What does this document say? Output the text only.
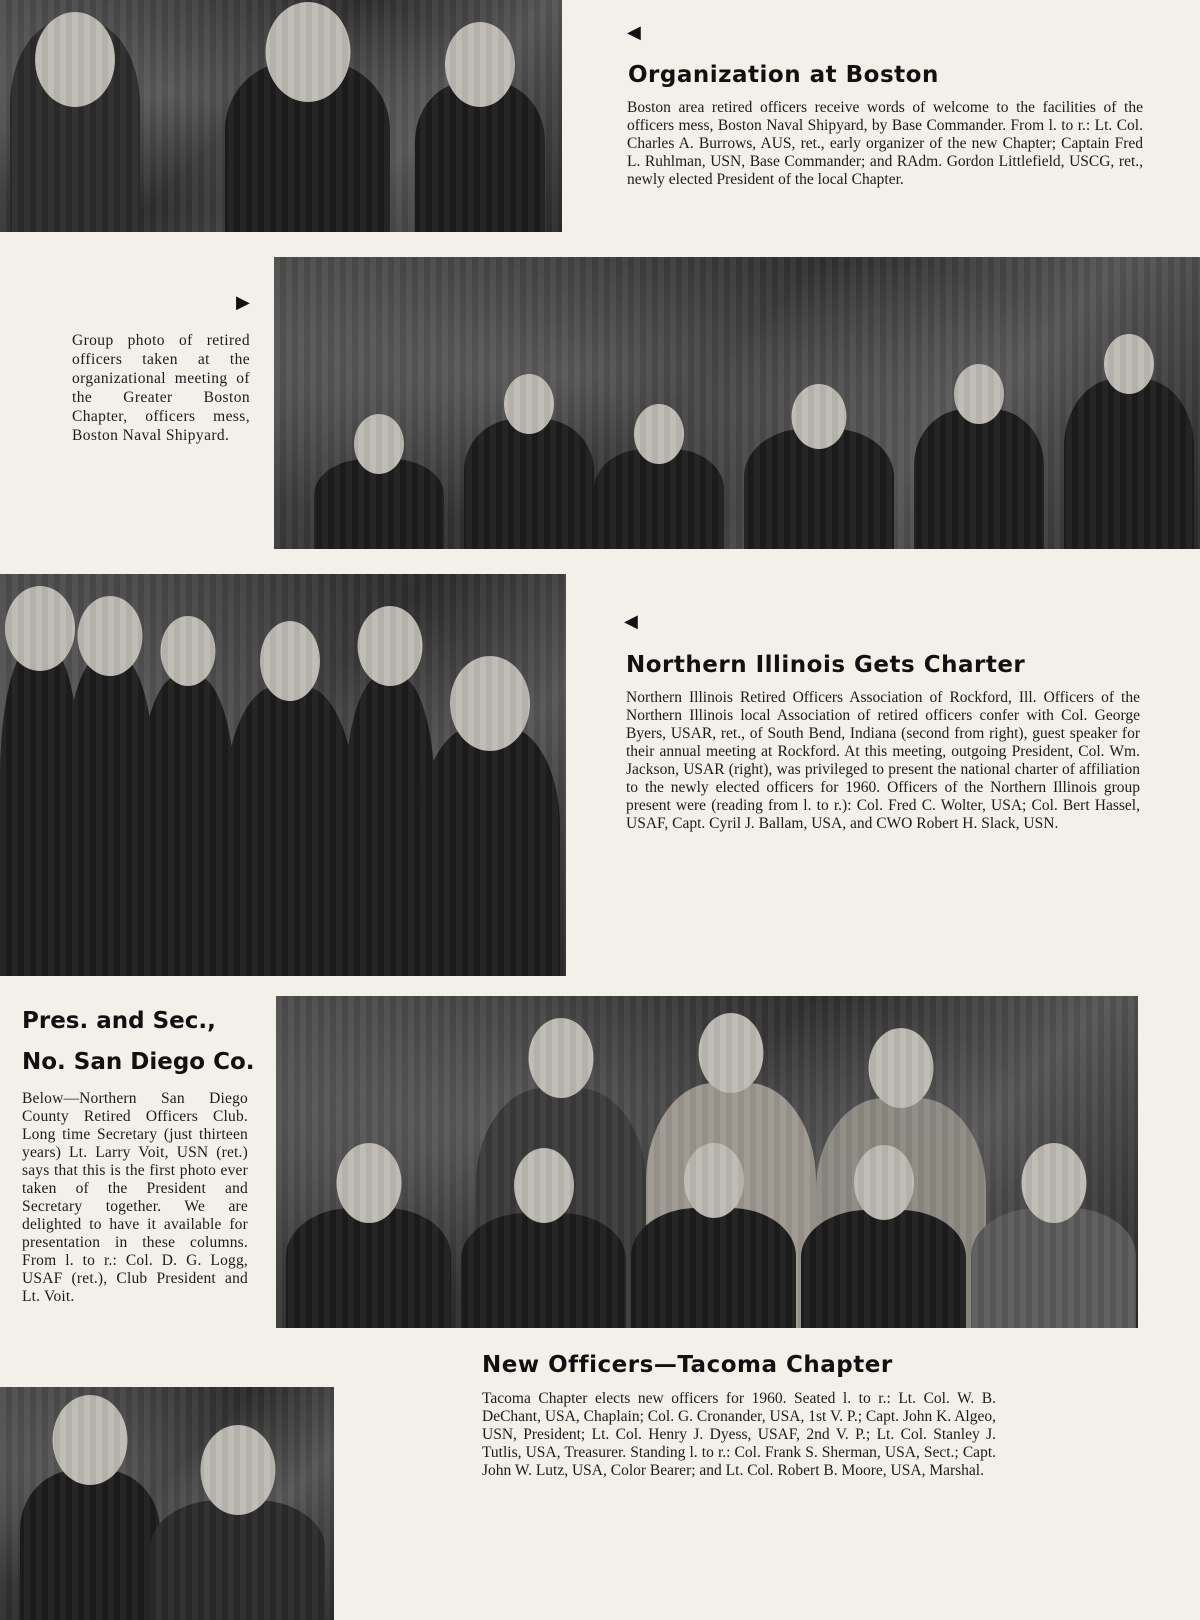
◀
Organization at Boston

Boston area retired officers receive words of welcome to the facilities of the officers mess, Boston Naval Shipyard, by Base Commander. From l. to r.: Lt. Col. Charles A. Burrows, AUS, ret., early organizer of the new Chapter; Captain Fred L. Ruhlman, USN, Base Commander; and RAdm. Gordon Littlefield, USCG, ret., newly elected President of the local Chapter.

▶

Group photo of retired officers taken at the organizational meeting of the Greater Boston Chapter, officers mess, Boston Naval Shipyard.

◀
Northern Illinois Gets Charter

Northern Illinois Retired Officers Association of Rockford, Ill. Officers of the Northern Illinois local Association of retired officers confer with Col. George Byers, USAR, ret., of South Bend, Indiana (second from right), guest speaker for their annual meeting at Rockford. At this meeting, outgoing President, Col. Wm. Jackson, USAR (right), was privileged to present the national charter of affiliation to the newly elected officers for 1960. Officers of the Northern Illinois group present were (reading from l. to r.): Col. Fred C. Wolter, USA; Col. Bert Hassel, USAF, Capt. Cyril J. Ballam, USA, and CWO Robert H. Slack, USN.

Pres. and Sec.,
No. San Diego Co.

Below—Northern San Diego County Retired Officers Club. Long time Secretary (just thirteen years) Lt. Larry Voit, USN (ret.) says that this is the first photo ever taken of the President and Secretary together. We are delighted to have it available for presentation in these columns. From l. to r.: Col. D. G. Logg, USAF (ret.), Club President and Lt. Voit.

New Officers—Tacoma Chapter

Tacoma Chapter elects new officers for 1960. Seated l. to r.: Lt. Col. W. B. DeChant, USA, Chaplain; Col. G. Cronander, USA, 1st V. P.; Capt. John K. Algeo, USN, President; Lt. Col. Henry J. Dyess, USAF, 2nd V. P.; Lt. Col. Stanley J. Tutlis, USA, Treasurer. Standing l. to r.: Col. Frank S. Sherman, USA, Sect.; Capt. John W. Lutz, USA, Color Bearer; and Lt. Col. Robert B. Moore, USA, Marshal.
